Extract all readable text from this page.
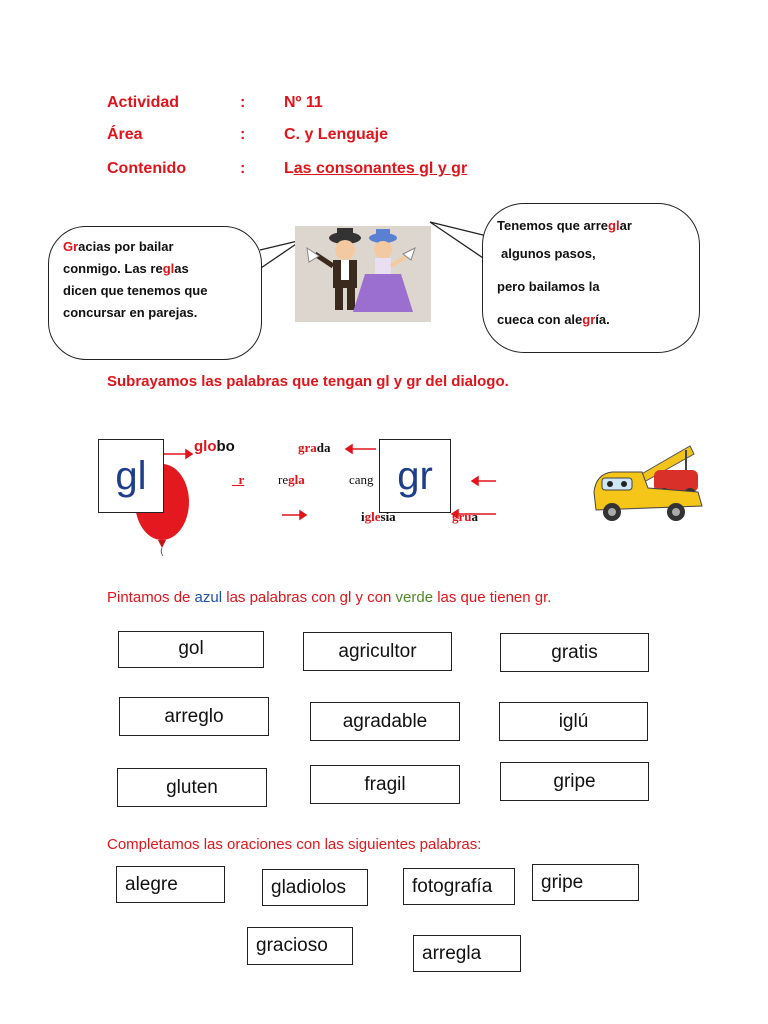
Actividad	: Nº 11
Área	: C. y Lenguaje
Contenido	: Las consonantes gl y gr
Gracias por bailar
conmigo. Las reglas
dicen que tenemos que
concursar en parejas.
Tenemos que arreglar
algunos pasos,
pero bailamos la
cueca con alegría.
Subrayamos las palabras que tengan gl y gr del dialogo.
gl	gr
globo	grada
r	regla	cang
iglesia	grua
Pintamos de azul las palabras con gl y con verde las que tienen gr.
gol	agricultor	gratis
arreglo	agradable	iglú
gluten	fragil	gripe
Completamos las oraciones con las siguientes palabras:
alegre	gladiolos	fotografía	gripe
gracioso	arregla
